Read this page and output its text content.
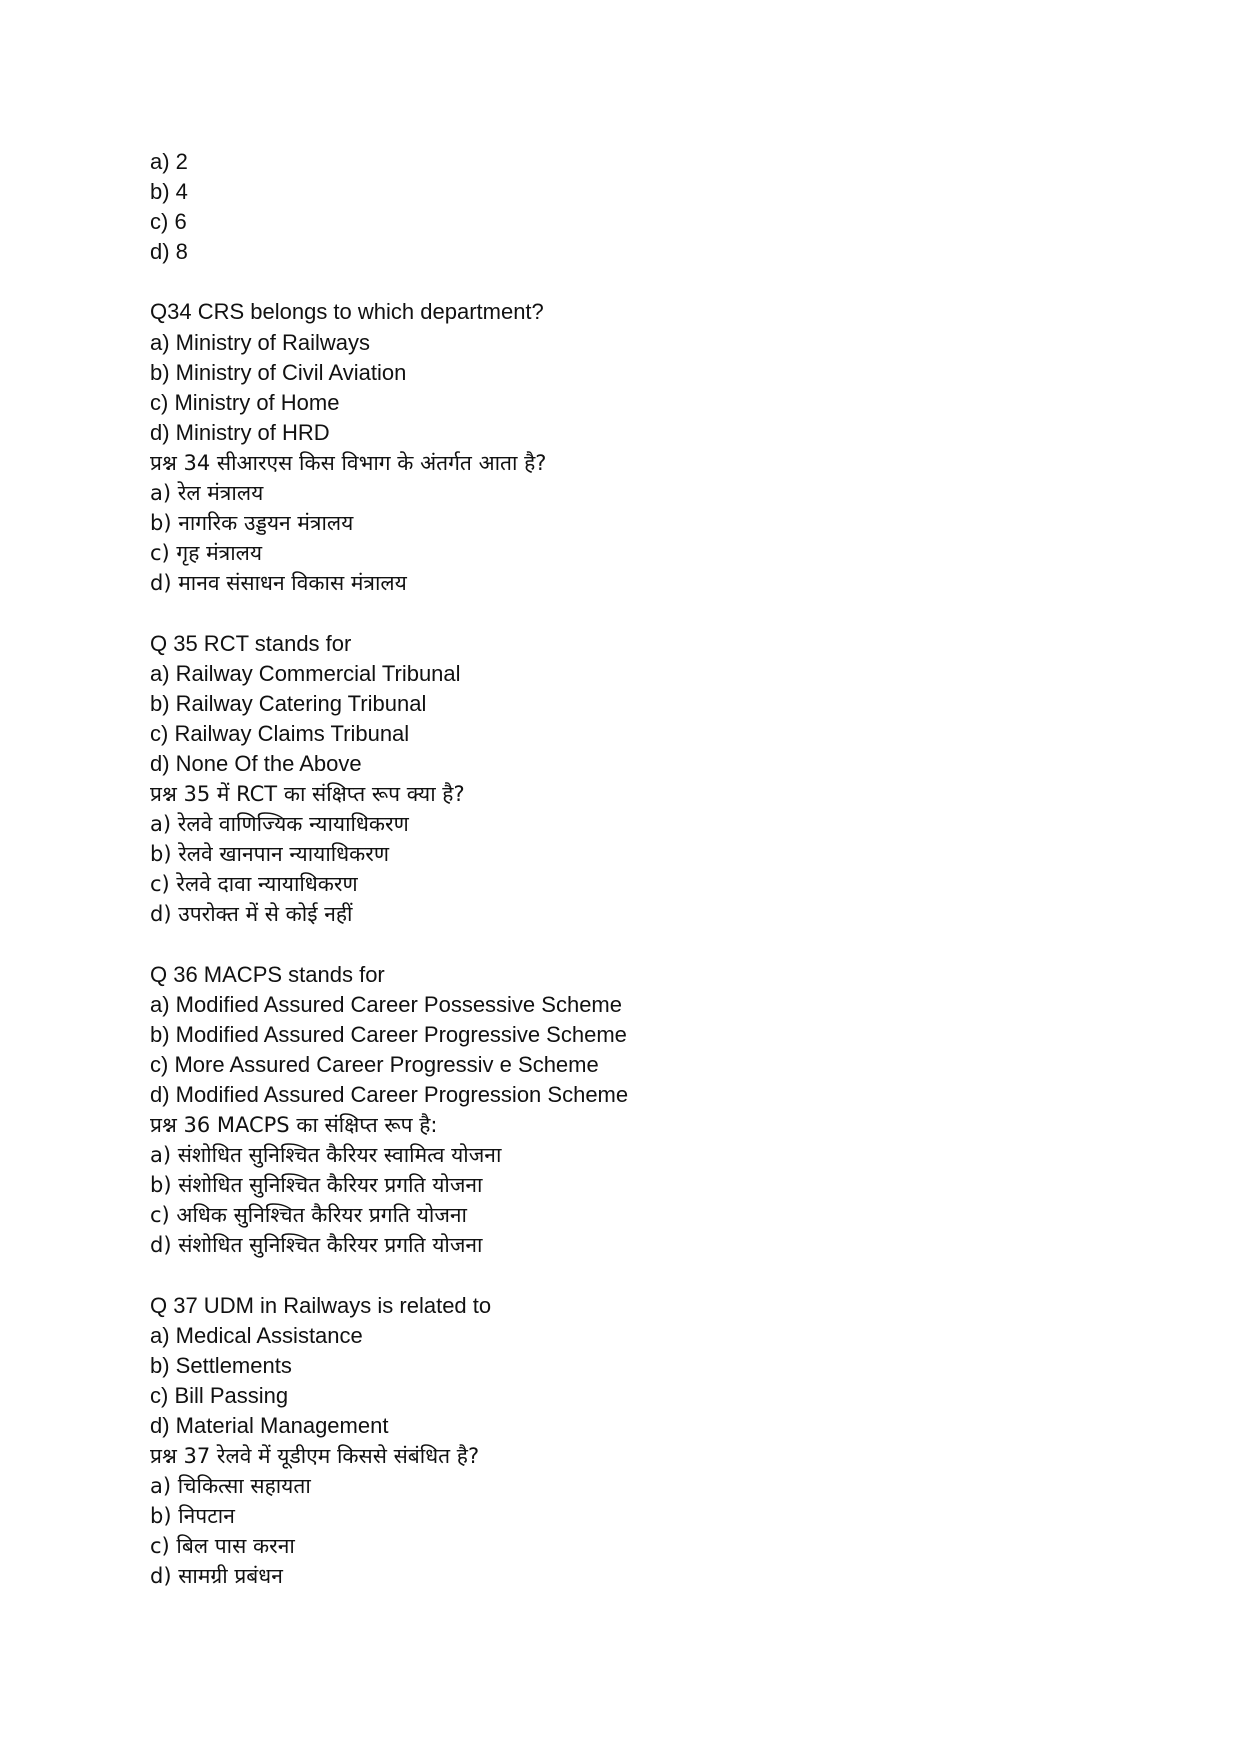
a) 2
b) 4
c) 6
d) 8
Q34 CRS belongs to which department?
a) Ministry of Railways
b) Ministry of Civil Aviation
c) Ministry of Home
d) Ministry of HRD
प्रश्न 34 सीआरएस किस विभाग के अंतर्गत आता है?
a) रेल मंत्रालय
b) नागरिक उड्डयन मंत्रालय
c) गृह मंत्रालय
d) मानव संसाधन विकास मंत्रालय
Q 35 RCT stands for
a) Railway Commercial Tribunal
b) Railway Catering Tribunal
c) Railway Claims Tribunal
d) None Of the Above
प्रश्न 35 में RCT का संक्षिप्त रूप क्या है?
a) रेलवे वाणिज्यिक न्यायाधिकरण
b) रेलवे खानपान न्यायाधिकरण
c) रेलवे दावा न्यायाधिकरण
d) उपरोक्त में से कोई नहीं
Q 36 MACPS stands for
a) Modified Assured Career Possessive Scheme
b) Modified Assured Career Progressive Scheme
c) More Assured Career Progressiv e Scheme
d) Modified Assured Career Progression Scheme
प्रश्न 36 MACPS का संक्षिप्त रूप है:
a) संशोधित सुनिश्चित कैरियर स्वामित्व योजना
b) संशोधित सुनिश्चित कैरियर प्रगति योजना
c) अधिक सुनिश्चित कैरियर प्रगति योजना
d) संशोधित सुनिश्चित कैरियर प्रगति योजना
Q 37 UDM in Railways is related to
a) Medical Assistance
b) Settlements
c) Bill Passing
d) Material Management
प्रश्न 37 रेलवे में यूडीएम किससे संबंधित है?
a) चिकित्सा सहायता
b) निपटान
c) बिल पास करना
d) सामग्री प्रबंधन
